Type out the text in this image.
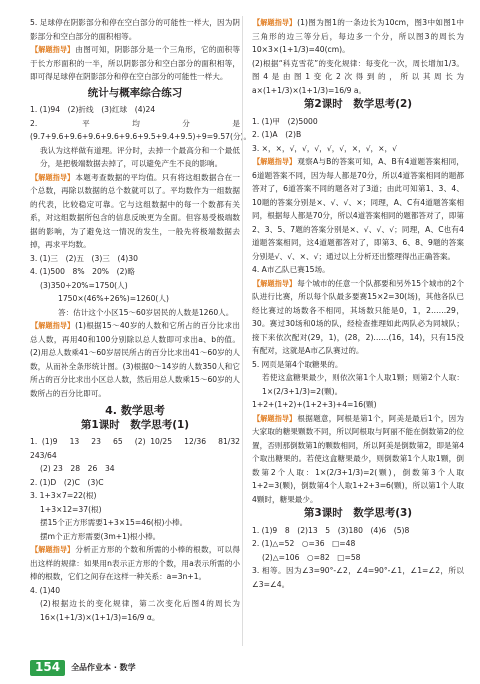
5. 足球停在阴影部分和停在空白部分的可能性一样大，因为阴影部分和空白部分的面积相等。

【 解题指导 】 由图可知，阴影部分是一个三角形，它的面积等于长方形面积的一半，所以阴影部分和空白部分的面积相等，即可得足球停在阴影部分和停在空白部分的可能性一样大。

统计与概率综合练习

1. (1)94　(2)折线　(3)红球　(4)24

2. 平均分是(9.7+9.6+9.6+9.6+9.6+9.6+9.5+9.4+9.5)÷9=9.57(分)。

我认为这样做有道理。评分时，去掉一个最高分和一个最低分，是把极端数据去掉了，可以避免产生不良的影响。

【 解题指导 】 本题考查数据的平均值。只有将这组数据合在一个总数，再除以数据的总个数就可以了。平均数作为一组数据的代表，比较稳定可靠。它与这组数据中的每一个数都有关系，对这组数据所包含的信息反映更为全面。但容易受极端数据的影响，为了避免这一情况的发生，一般先将极端数据去掉，再求平均数。

3. (1)三　(2)五　(3)三　(4)30

4. (1)500　8%　20%　(2)略

(3)350÷20%=1750(人)

1750×(46%+26%)=1260(人)

答：估计这个小区15～60岁居民的人数是1260人。

【 解题指导 】 (1)根据15～40岁的人数和它所占的百分比求出总人数，再用40和100分别除以总人数即可求出a、b的值。(2)用总人数乘41～60岁居民所占的百分比求出41～60岁的人数，从而补全条形统计图。(3)根据0～14岁的人数350人和它所占的百分比求出小区总人数，然后用总人数乘15～60岁的人数所占的百分比即可。

4. 数学思考
第1课时　数学思考(1)

1. (1)9　13　23　65　(2) 10/25　12/36　81/32　243/64

(2) 23　28　26　34

2. (1)D　(2)C　(3)C

3. 1+3×7=22(根)

1+3×12=37(根)

摆15个正方形需要1+3×15=46(根)小棒。

摆m个正方形需要(3m+1)根小棒。

【 解题指导 】 分析正方形的个数和所需的小棒的根数，可以得出这样的规律：如果用n表示正方形的个数，用a表示所需的小棒的根数，它们之间存在这样一种关系：a=3n+1。

4. (1)40

(2)根据边长的变化规律，第二次变化后图4的周长为16×(1+1/3)×(1+1/3)=16/9 α。

【 解题指导 】 (1)图为图1的一条边长为10cm，图3中如图1中三角形的边三等分后，每边多一个分，所以图3的周长为10×3×(1+1/3)=40(cm)。

(2)根据“科克雪花”的变化规律：每变化一次，周长增加1/3。图4是由图1变化2次得到的，所以其周长为a×(1+1/3)×(1+1/3)=16/9 a。

第2课时　数学思考(2)

1. (1)甲　(2)5000

2. (1)A　(2)B

3. ×，×，√，√，√，√，√，×，√，×，√

【 解题指导 】 观察A与B的答案可知，A、B有4道题答案相同，6道题答案不同，因为每人都是70分，所以4道答案相同的题都答对了，6道答案不同的题各对了3道；由此可知第1、3、4、10题的答案分别是×、√、√、×；同理，A、C有4道题答案相同，根据每人都是70分，所以4道答案相同的题都答对了，即第2、3、5、7题的答案分别是×、√、√、√；同理，A、C也有4道题答案相同，这4道题都答对了，即第3、6、8、9题的答案分别是√、√、×、√；通过以上分析还出整理得出正确答案。

4. A市乙队已赛15场。

【 解题指导 】 每个城市的任意一个队都要和另外15个城市的2个队进行比赛，所以每个队最多要赛15×2=30(场)，其他各队已经比赛过的场数各不相同，其场数只能是0，1，2……29，30。赛过30场和0场的队，经检查推理如此两队必为同城队；接下来依次配对(29，1)，(28，2)……(16，14)，只有15没有配对，这就是A市乙队赛过的。

5. 网页是第4个取糖果的。

若使这盒糖果最少，则依次第1个人取1颗；则第2个人取：1×(2/3+1/3)=2(颗)。

1+2+(1+2)+(1+2+3)+4=16(颗)

【 解题指导 】 根据题意，阿根是第1个，阿美是最后1个，因为大家取的糖果颗数不同，所以阿根取与阿丽不能在倒数第2的位置，否则那倒数第1的颗数相同，所以阿美是倒数第2，即是第4个取出糖果的。若使这盒糖果最少，则倒数第1个人取1颗，倒数第2个人取：1×(2/3+1/3)=2(颗)，倒数第3个人取1+2=3(颗)，倒数第4个人取1+2+3=6(颗)，所以第1个人取4颗时，糖果最少。

第3课时　数学思考(3)

1. (1)9　8　(2)13　5　(3)180　(4)6　(5)8

2. (1)△=52　○=36　□=48

(2)△=106　○=82　□=58

3. 相等。因为∠3=90°-∠2，∠4=90°-∠1，∠1=∠2，所以∠3=∠4。

154	全品作业本 · 数学
